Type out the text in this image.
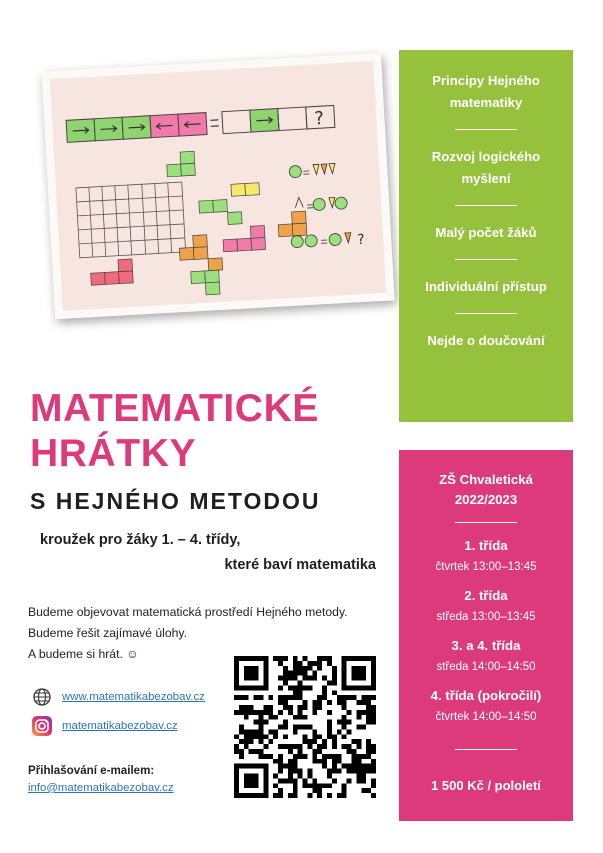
?
?
Principy Hejného matematiky
Rozvoj logického myšlení
Malý počet žáků
Individuální přístup
Nejde o doučování
ZŠ Chvaletická
2022/2023
1. třída
čtvrtek 13:00–13:45
2. třída
středa 13:00–13:45
3. a 4. třída
středa 14:00–14:50
4. třída (pokročilí)
čtvrtek 14:00–14:50
1 500 Kč / pololetí
MATEMATICKÉ
HRÁTKY
S HEJNÉHO METODOU
kroužek pro žáky 1. – 4. třídy,
které baví matematika
Budeme objevovat matematická prostředí Hejného metody.
Budeme řešit zajímavé úlohy.
A budeme si hrát. ☺
www.matematikabezobav.cz
matematikabezobav.cz
Přihlašování e-mailem:
info@matematikabezobav.cz
